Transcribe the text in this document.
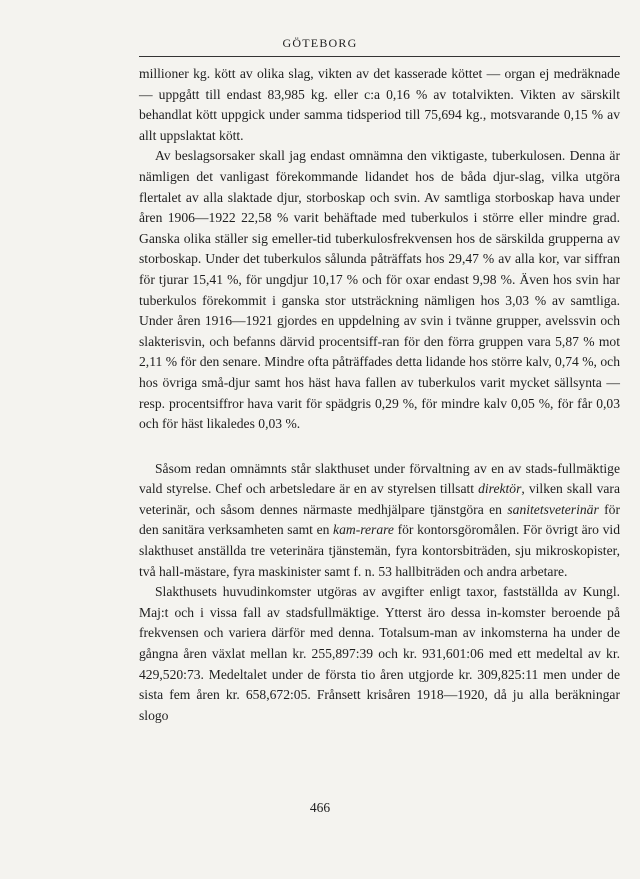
GÖTEBORG

millioner kg. kött av olika slag, vikten av det kasserade köttet — organ ej medräknade — uppgått till endast 83,985 kg. eller c:a 0,16 % av totalvikten. Vikten av särskilt behandlat kött uppgick under samma tidsperiod till 75,694 kg., motsvarande 0,15 % av allt uppslaktat kött.

Av beslagsorsaker skall jag endast omnämna den viktigaste, tuberkulosen. Denna är nämligen det vanligast förekommande lidandet hos de båda djur-slag, vilka utgöra flertalet av alla slaktade djur, storboskap och svin. Av samtliga storboskap hava under åren 1906—1922 22,58 % varit behäftade med tuberkulos i större eller mindre grad. Ganska olika ställer sig emeller-tid tuberkulosfrekvensen hos de särskilda grupperna av storboskap. Under det tuberkulos sålunda påträffats hos 29,47 % av alla kor, var siffran för tjurar 15,41 %, för ungdjur 10,17 % och för oxar endast 9,98 %. Även hos svin har tuberkulos förekommit i ganska stor utsträckning nämligen hos 3,03 % av samtliga. Under åren 1916—1921 gjordes en uppdelning av svin i tvänne grupper, avelssvin och slakterisvin, och befanns därvid procentsiff-ran för den förra gruppen vara 5,87 % mot 2,11 % för den senare. Mindre ofta påträffades detta lidande hos större kalv, 0,74 %, och hos övriga små-djur samt hos häst hava fallen av tuberkulos varit mycket sällsynta — resp. procentsiffror hava varit för spädgris 0,29 %, för mindre kalv 0,05 %, för får 0,03 och för häst likaledes 0,03 %.

Såsom redan omnämnts står slakthuset under förvaltning av en av stads-fullmäktige vald styrelse. Chef och arbetsledare är en av styrelsen tillsatt direktör, vilken skall vara veterinär, och såsom dennes närmaste medhjälpare tjänstgöra en sanitetsveterinär för den sanitära verksamheten samt en kam-rerare för kontorsgöromålen. För övrigt äro vid slakthuset anställda tre veterinära tjänstemän, fyra kontorsbiträden, sju mikroskopister, två hall-mästare, fyra maskinister samt f. n. 53 hallbiträden och andra arbetare.

Slakthusets huvudinkomster utgöras av avgifter enligt taxor, fastställda av Kungl. Maj:t och i vissa fall av stadsfullmäktige. Ytterst äro dessa in-komster beroende på frekvensen och variera därför med denna. Totalsum-man av inkomsterna ha under de gångna åren växlat mellan kr. 255,897:39 och kr. 931,601:06 med ett medeltal av kr. 429,520:73. Medeltalet under de första tio åren utgjorde kr. 309,825:11 men under de sista fem åren kr. 658,672:05. Frånsett krisåren 1918—1920, då ju alla beräkningar slogo

466
